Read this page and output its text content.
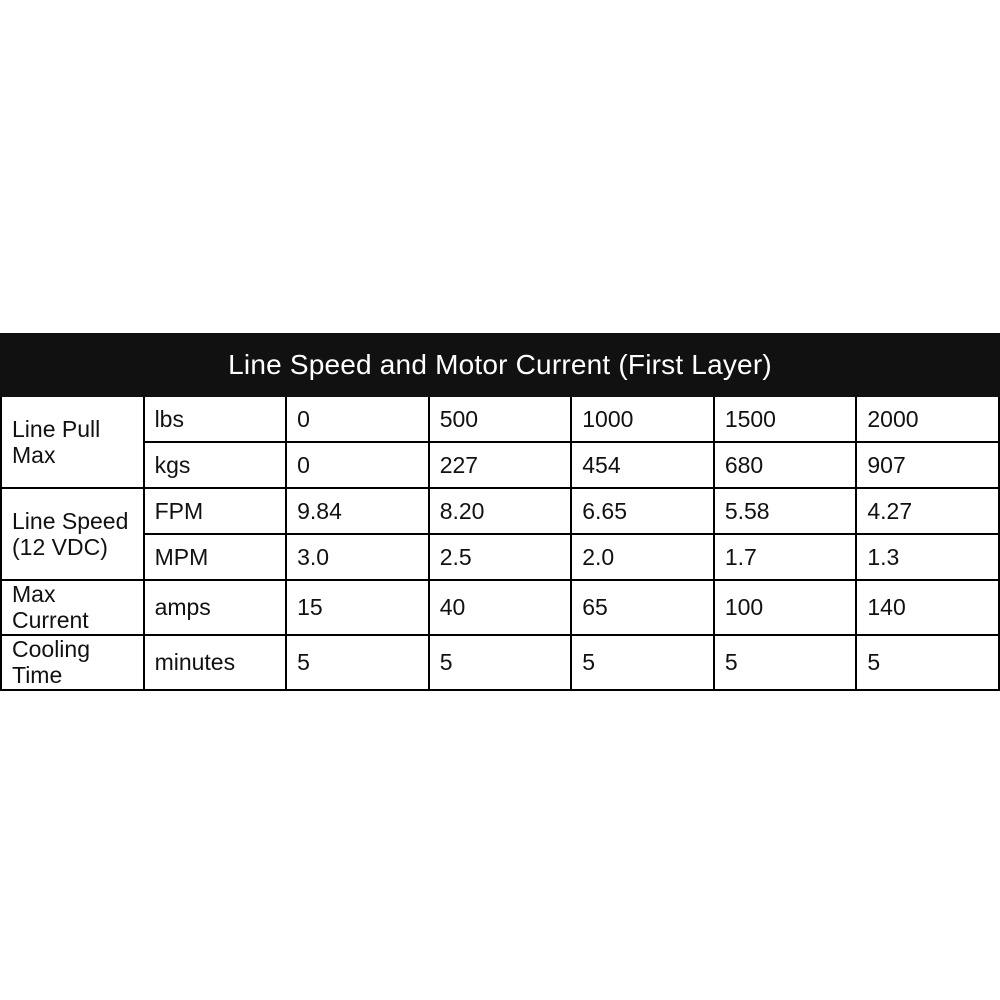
Line Speed and Motor Current (First Layer)						
Line Pull Max	lbs	0	500	1000	1500	2000
	kgs	0	227	454	680	907

Line Speed
(12 VDC)	FPM	9.84	8.20	6.65	5.58	4.27
	MPM	3.0	2.5	2.0	1.7	1.3
Max Current	amps	15	40	65	100	140
Cooling Time	minutes	5	5	5	5	5
